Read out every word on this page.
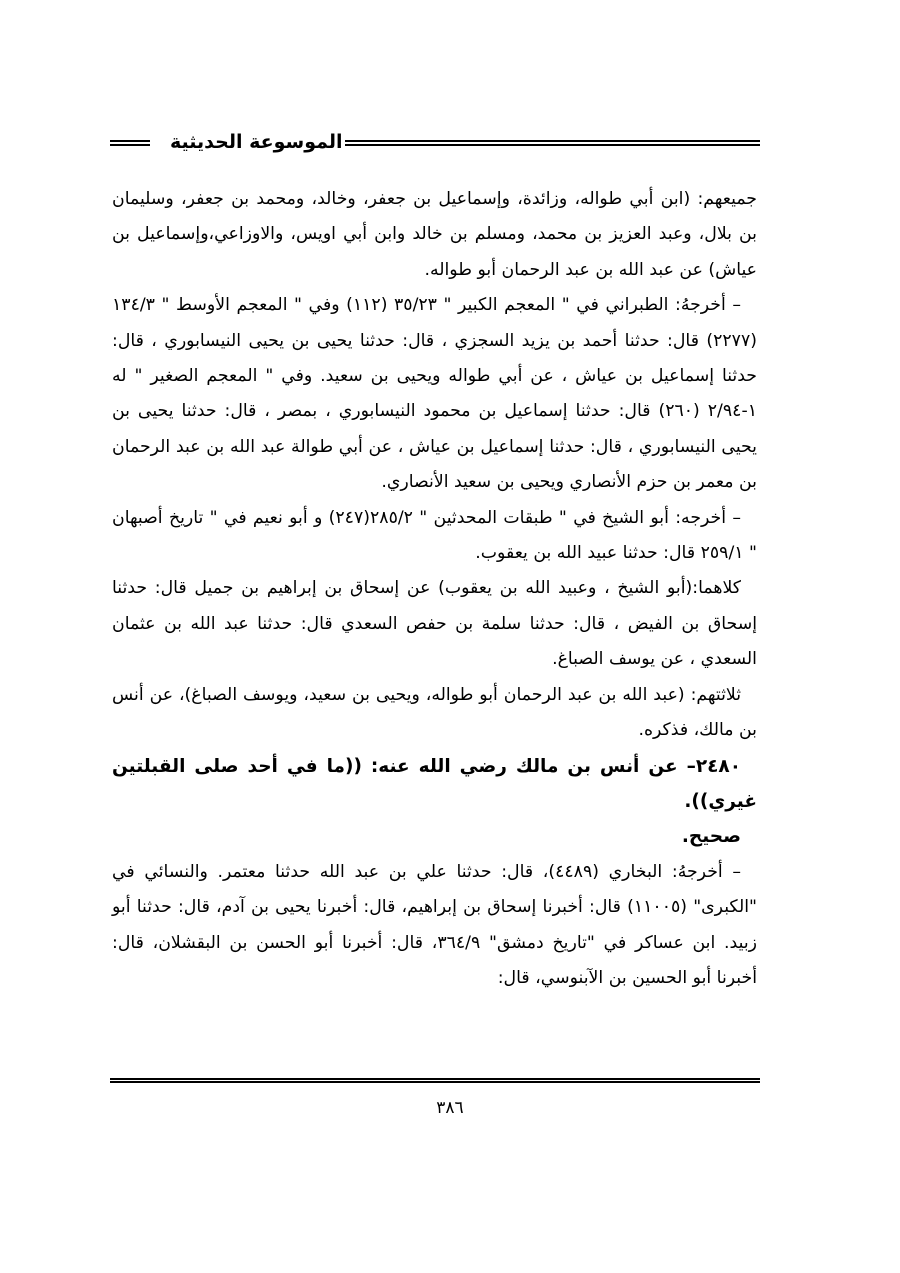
الموسوعة الحديثية

جميعهم: (ابن أبي طواله، وزائدة، وإسماعيل بن جعفر، وخالد، ومحمد بن جعفر، وسليمان بن بلال، وعبد العزيز بن محمد، ومسلم بن خالد وابن أبي اويس، والاوزاعي،وإسماعيل بن عياش) عن عبد الله بن عبد الرحمان أبو طواله.

– أخرجهُ: الطبراني في " المعجم الكبير " ٣٥/٢٣ (١١٢) وفي " المعجم الأوسط " ١٣٤/٣ (٢٢٧٧) قال: حدثنا أحمد بن يزيد السجزي ، قال: حدثنا يحيى بن يحيى النيسابوري ، قال: حدثنا إسماعيل بن عياش ، عن أبي طواله ويحيى بن سعيد. وفي " المعجم الصغير " له ١-٢/٩٤ (٢٦٠) قال: حدثنا إسماعيل بن محمود النيسابوري ، بمصر ، قال: حدثنا يحيى بن يحيى النيسابوري ، قال: حدثنا إسماعيل بن عياش ، عن أبي طوالة عبد الله بن عبد الرحمان بن معمر بن حزم الأنصاري ويحيى بن سعيد الأنصاري.

– أخرجه: أبو الشيخ في " طبقات المحدثين " ٢٨٥/٢(٢٤٧) و أبو نعيم في " تاريخ أصبهان " ٢٥٩/١ قال: حدثنا عبيد الله بن يعقوب.

كلاهما:(أبو الشيخ ، وعبيد الله بن يعقوب) عن إسحاق بن إبراهيم بن جميل قال: حدثنا إسحاق بن الفيض ، قال: حدثنا سلمة بن حفص السعدي قال: حدثنا عبد الله بن عثمان السعدي ، عن يوسف الصباغ.

ثلاثتهم: (عبد الله بن عبد الرحمان أبو طواله، ويحيى بن سعيد، ويوسف الصباغ)، عن أنس بن مالك، فذكره.

٢٤٨٠– عن أنس بن مالك رضي الله عنه: ((ما في أحد صلى القبلتين غيري)).

صحيح.

– أخرجهُ: البخاري (٤٤٨٩)، قال: حدثنا علي بن عبد الله حدثنا معتمر. والنسائي في "الكبرى" (١١٠٠٥) قال: أخبرنا إسحاق بن إبراهيم، قال: أخبرنا يحيى بن آدم، قال: حدثنا أبو زبيد. ابن عساكر في "تاريخ دمشق" ٣٦٤/٩، قال: أخبرنا أبو الحسن بن البقشلان، قال: أخبرنا أبو الحسين بن الآبنوسي، قال:

٣٨٦
